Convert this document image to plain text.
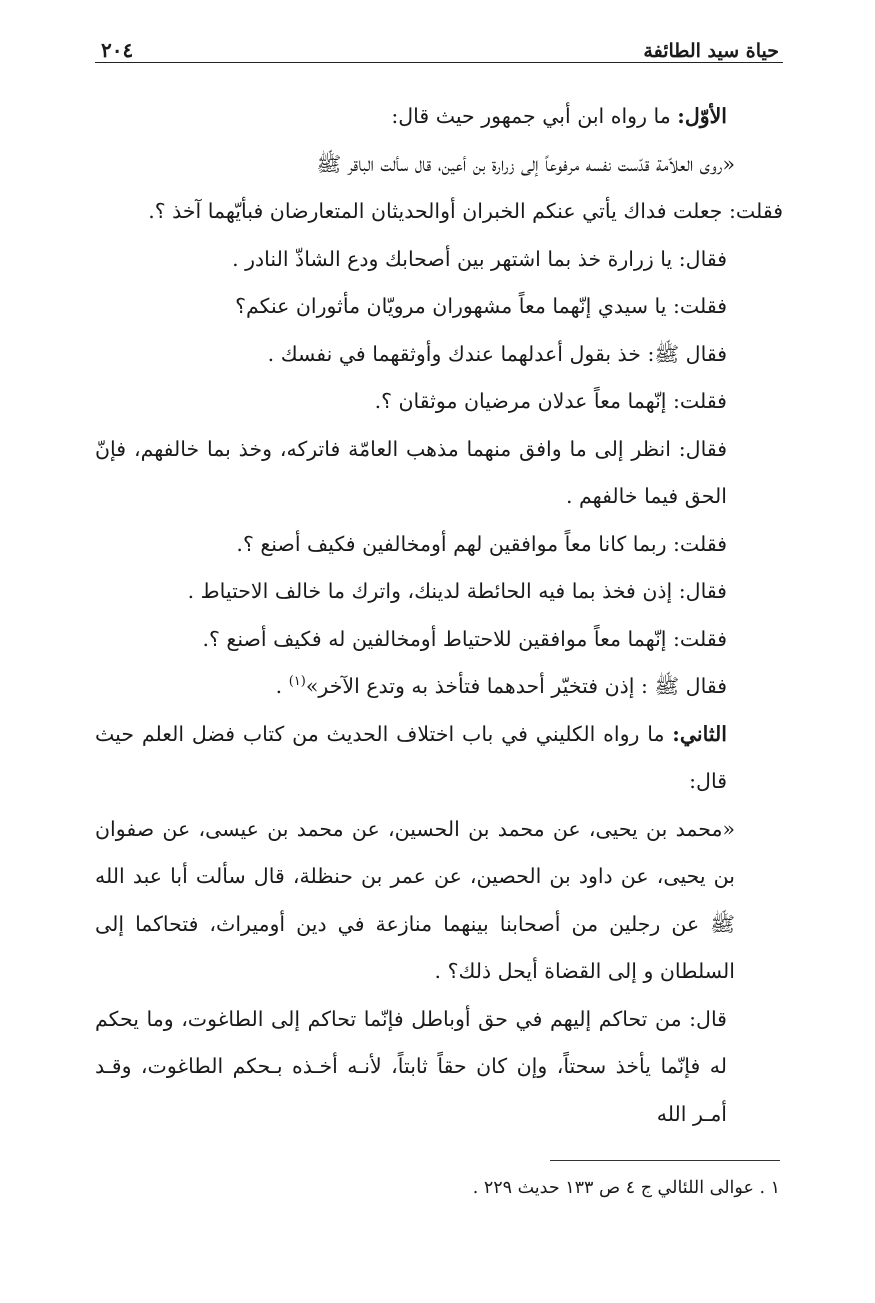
حياة سيد الطائفة
٢٠٤

الأوّل: ما رواه ابن أبي جمهور حيث قال:

«روى العلاّمة قدّست نفسه مرفوعاً إلى زرارة بن أعين، قال سألت الباقر ﷺ

فقلت: جعلت فداك يأتي عنكم الخبران أوالحديثان المتعارضان فبأيّهما آخذ ؟.

فقال: يا زرارة خذ بما اشتهر بين أصحابك ودع الشاذّ النادر .

فقلت: يا سيدي إنّهما معاً مشهوران مرويّان مأثوران عنكم؟

فقال ﷺ: خذ بقول أعدلهما عندك وأوثقهما في نفسك .

فقلت: إنّهما معاً عدلان مرضيان موثقان ؟.

فقال: انظر إلى ما وافق منهما مذهب العامّة فاتركه، وخذ بما خالفهم، فإنّ الحق فيما خالفهم .

فقلت: ربما كانا معاً موافقين لهم أومخالفين فكيف أصنع ؟.

فقال: إذن فخذ بما فيه الحائطة لدينك، واترك ما خالف الاحتياط .

فقلت: إنّهما معاً موافقين للاحتياط أومخالفين له فكيف أصنع ؟.

فقال ﷺ : إذن فتخيّر أحدهما فتأخذ به وتدع الآخر»$^{(١)}$ .

الثاني: ما رواه الكليني في باب اختلاف الحديث من كتاب فضل العلم حيث قال:

«محمد بن يحيى، عن محمد بن الحسين، عن محمد بن عيسى، عن صفوان بن يحيى، عن داود بن الحصين، عن عمر بن حنظلة، قال سألت أبا عبد الله ﷺ عن رجلين من أصحابنا بينهما منازعة في دين أوميراث، فتحاكما إلى السلطان و إلى القضاة أيحل ذلك؟ .

قال: من تحاكم إليهم في حق أوباطل فإنّما تحاكم إلى الطاغوت، وما يحكم له فإنّما يأخذ سحتاً، وإن كان حقاً ثابتاً، لأنـه أخـذه بـحكم الطاغوت، وقـد أمـر الله

١ . عوالى اللئالي ج ٤ ص ١٣٣ حديث ٢٢٩ .
